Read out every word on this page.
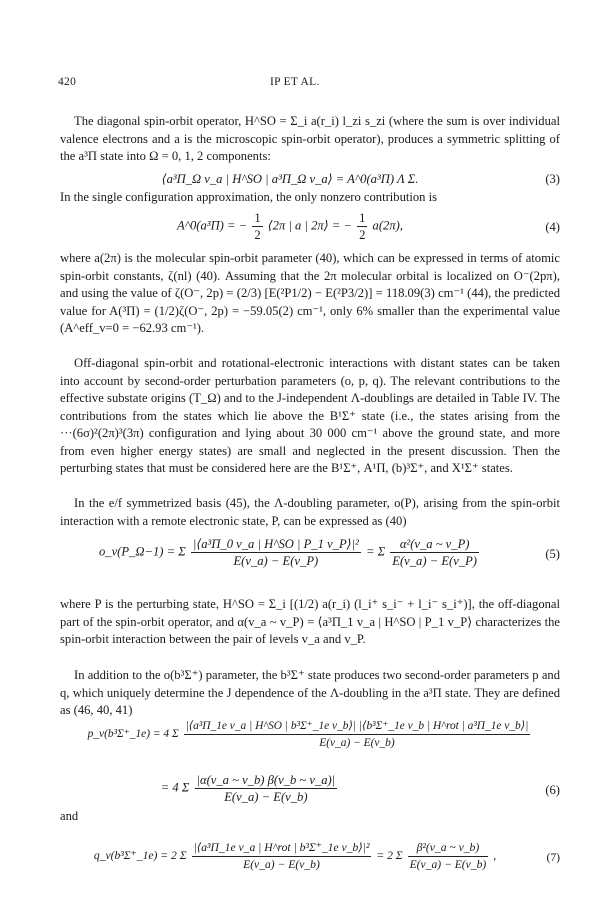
420	IP ET AL.
The diagonal spin-orbit operator, H^SO = Σ_i a(r_i) l_zi s_zi (where the sum is over individual valence electrons and a is the microscopic spin-orbit operator), produces a symmetric splitting of the a³Π state into Ω = 0, 1, 2 components:
⟨a³Π_Ω v_a | H^SO | a³Π_Ω v_a⟩ = A^0(a³Π) Λ Σ.	(3)
In the single configuration approximation, the only nonzero contribution is
A^0(a³Π) = − $\frac{1}{2}$ ⟨2π | a | 2π⟩ = − $\frac{1}{2} a(2\pi)$,	(4)
where a(2π) is the molecular spin-orbit parameter (40), which can be expressed in terms of atomic spin-orbit constants, ζ(nl) (40). Assuming that the 2π molecular orbital is localized on O⁻(2pπ), and using the value of ζ(O⁻, 2p) = (2/3) [E(²P1/2) − E(²P3/2)] = 118.09(3) cm⁻¹ (44), the predicted value for A(³Π) = (1/2)ζ(O⁻, 2p) = −59.05(2) cm⁻¹, only 6% smaller than the experimental value (A^eff_v=0 = −62.93 cm⁻¹).
Off-diagonal spin-orbit and rotational-electronic interactions with distant states can be taken into account by second-order perturbation parameters (o, p, q). The relevant contributions to the effective substate origins (T_Ω) and to the J-independent Λ-doublings are detailed in Table IV. The contributions from the states which lie above the B¹Σ⁺ state (i.e., the states arising from the ···(6σ)²(2π)³(3π) configuration and lying about 30 000 cm⁻¹ above the ground state, and more from even higher energy states) are small and neglected in the present discussion. Then the perturbing states that must be considered here are the B¹Σ⁺, A¹Π, (b)³Σ⁺, and X¹Σ⁺ states.
In the e/f symmetrized basis (45), the Λ-doubling parameter, o(P), arising from the spin-orbit interaction with a remote electronic state, P, can be expressed as (40)
o_v(P_Ω−1) = Σ $\frac{\text{|⟨a³Π\_0 v\_a | H\textasciicircum{}SO | P\_1 v\_P⟩|²}}{E(v\_a) - E(v\_P)} = \Sigma \frac{\text{α²(v\_a \textasciitilde{} v\_P)}}{E(v\_a) - E(v\_P)}$	(5)
where P is the perturbing state, H^SO = Σ_i [(1/2) a(r_i) (l_i⁺ s_i⁻ + l_i⁻ s_i⁺)], the off-diagonal part of the spin-orbit operator, and α(v_a ~ v_P) = ⟨a³Π_1 v_a | H^SO | P_1 v_P⟩ characterizes the spin-orbit interaction between the pair of levels v_a and v_P.
In addition to the o(b³Σ⁺) parameter, the b³Σ⁺ state produces two second-order parameters p and q, which uniquely determine the J dependence of the Λ-doubling in the a³Π state. They are defined as (46, 40, 41)
p_v(b³Σ⁺_1e) = 4 Σ
|⟨a³Π_1e v_a | H^SO | b³Σ⁺_1e v_b⟩| |⟨b³Σ⁺_1e v_b | H^rot | a³Π_1e v_b⟩|
E(v_a) − E(v_b)
= 4 Σ $\frac{|\alpha(v\_a \sim v\_b) \beta(v\_b \sim v\_a)|}{E(v\_a) - E(v\_b)}$	(6)
and
q_v(b³Σ⁺_1e) = 2 Σ $\frac{\text{|⟨a³Π\_1e v\_a | H\textasciicircum{}rot | b³Σ⁺\_1e v\_b⟩|²}}{E(v\_a) - E(v\_b)} = 2$ Σ $\frac{\text{β²(v\_a \textasciitilde{} v\_b)}}{E(v\_a) - E(v\_b)}$ ,	(7)
